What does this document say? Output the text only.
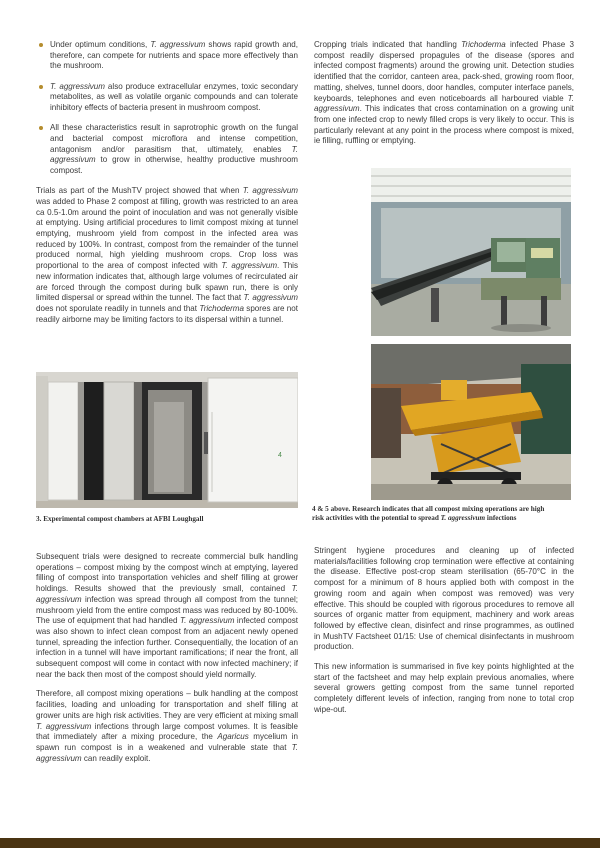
Under optimum conditions, T. aggressivum shows rapid growth and, therefore, can compete for nutrients and space more effectively than the mushroom.
T. aggressivum also produce extracellular enzymes, toxic secondary metabolites, as well as volatile organic compounds and can tolerate inhibitory effects of bacteria present in mushroom compost.
All these characteristics result in saprotrophic growth on the fungal and bacterial compost microflora and intense competition, antagonism and/or parasitism that, ultimately, enables T. aggressivum to grow in otherwise, healthy productive mushroom compost.

Trials as part of the MushTV project showed that when T. aggressivum was added to Phase 2 compost at filling, growth was restricted to an area ca 0.5-1.0m around the point of inoculation and was not generally visible at emptying. Using artificial procedures to limit compost mixing at tunnel emptying, mushroom yield from compost in the infected area was reduced by 100%. In contrast, compost from the remainder of the tunnel produced normal, high yielding mushroom crops. Crop loss was proportional to the area of compost infected with T. aggressivum. This new information indicates that, although large volumes of recirculated air are forced through the compost during bulk spawn run, there is only limited dispersal or spread within the tunnel. The fact that T. aggressivum does not sporulate readily in tunnels and that Trichoderma spores are not readily airborne may be limiting factors to its dispersal within a tunnel.

4
3. Experimental compost chambers at AFBI Loughgall

Subsequent trials were designed to recreate commercial bulk handling operations – compost mixing by the compost winch at emptying, layered filling of compost into transportation vehicles and shelf filling at grower holdings. Results showed that the previously small, contained T. aggressivum infection was spread through all compost from the tunnel; mushroom yield from the entire compost mass was reduced by 80-100%. The use of equipment that had handled T. aggressivum infected compost was also shown to infect clean compost from an adjacent newly opened tunnel, spreading the infection further. Consequentially, the location of an infection in a tunnel will have important ramifications; if near the front, all subsequent compost will come in contact with now infected machinery; if near the back then most of the compost should yield normally.

Therefore, all compost mixing operations – bulk handling at the compost facilities, loading and unloading for transportation and shelf filling at grower units are high risk activities. They are very efficient at mixing small T. aggressivum infections through large compost volumes. It is feasible that immediately after a mixing procedure, the Agaricus mycelium in spawn run compost is in a weakened and vulnerable state that T. aggressivum can readily exploit.

Cropping trials indicated that handling Trichoderma infected Phase 3 compost readily dispersed propagules of the disease (spores and infected compost fragments) around the growing unit. Detection studies identified that the corridor, canteen area, pack-shed, growing room floor, matting, shelves, tunnel doors, door handles, computer interface panels, keyboards, telephones and even noticeboards all harboured viable T. aggressivum. This indicates that cross contamination on a growing unit from one infected crop to newly filled crops is very likely to occur. This is particularly relevant at any point in the process where compost is mixed, ie filling, ruffling or emptying.

4 & 5 above. Research indicates that all compost mixing operations are high risk activities with the potential to spread T. aggressivum infections

Stringent hygiene procedures and cleaning up of infected materials/facilities following crop termination were effective at containing the disease. Effective post-crop steam sterilisation (65-70°C in the compost for a minimum of 8 hours applied both with compost in the growing room and again when compost was removed) was very effective. This should be coupled with rigorous procedures to remove all sources of organic matter from equipment, machinery and work areas followed by effective clean, disinfect and rinse programmes, as outlined in MushTV Factsheet 01/15: Use of chemical disinfectants in mushroom production.

This new information is summarised in five key points highlighted at the start of the factsheet and may help explain previous anomalies, where several growers getting compost from the same tunnel reported completely different levels of infection, ranging from none to total crop wipe-out.
